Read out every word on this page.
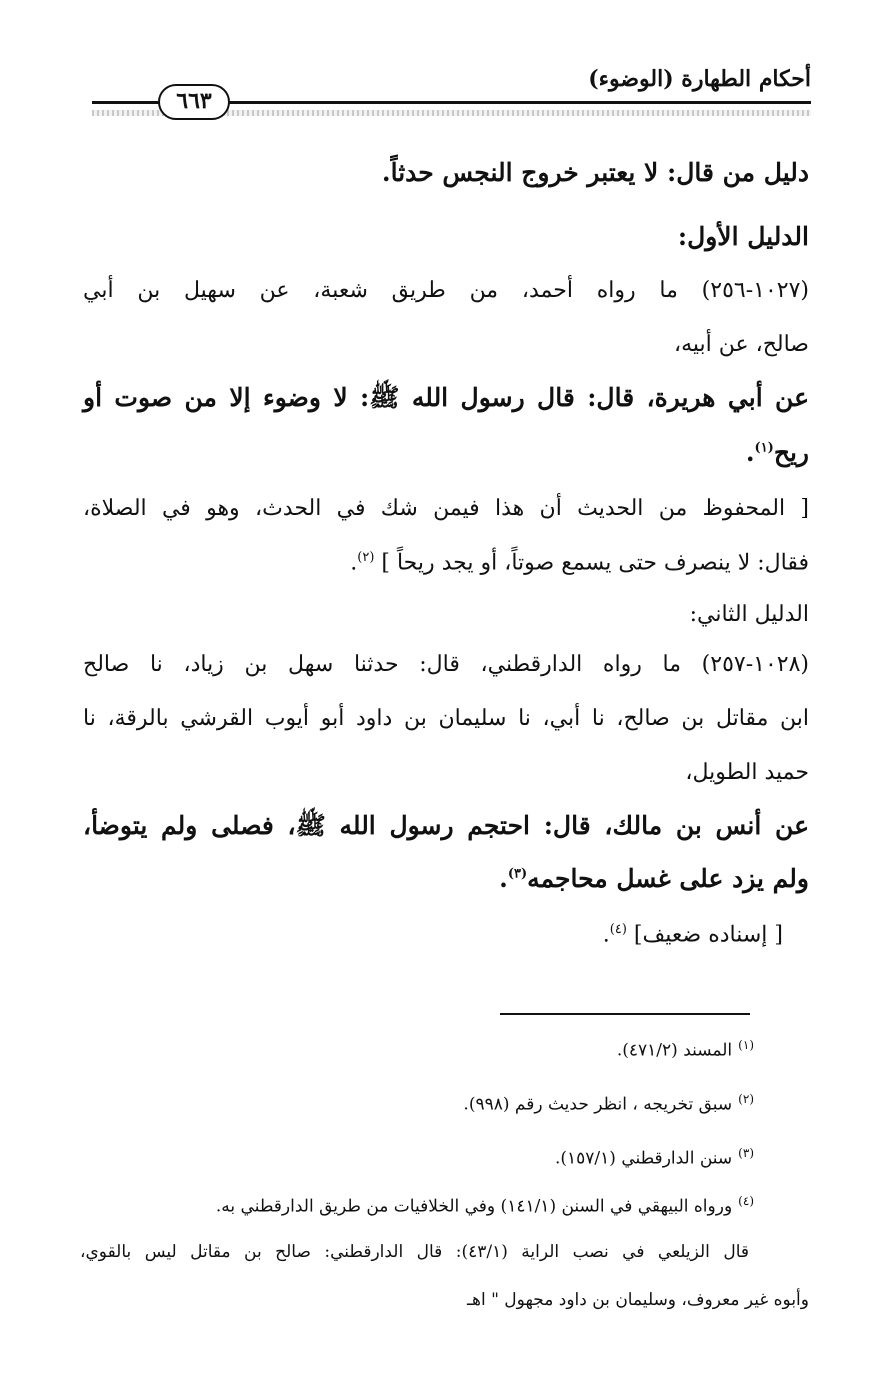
أحكام الطهارة (الوضوء)
٦٦٣
دليل من قال: لا يعتبر خروج النجس حدثاً.
الدليل الأول:
(١٠٢٧-٢٥٦) ما رواه أحمد، من طريق شعبة، عن سهيل بن أبي
صالح، عن أبيه،
عن أبي هريرة، قال: قال رسول الله ﷺ: لا وضوء إلا من صوت أو
ريح$^{(١)}$.
[ المحفوظ من الحديث أن هذا فيمن شك في الحدث، وهو في الصلاة،
فقال: لا ينصرف حتى يسمع صوتاً، أو يجد ريحاً ] $^{(٢)}$.
الدليل الثاني:
(١٠٢٨-٢٥٧) ما رواه الدارقطني، قال: حدثنا سهل بن زياد، نا صالح
ابن مقاتل بن صالح، نا أبي، نا سليمان بن داود أبو أيوب القرشي بالرقة، نا
حميد الطويل،
عن أنس بن مالك، قال: احتجم رسول الله ﷺ، فصلى ولم يتوضأ،
ولم يزد على غسل محاجمه$^{(٣)}$.
[ إسناده ضعيف] $^{(٤)}$.
$^{(١)}$المسند (٤٧١/٢).
$^{(٢)}$سبق تخريجه ، انظر حديث رقم (٩٩٨).
$^{(٣)}$سنن الدارقطني (١٥٧/١).
$^{(٤)}$ورواه البيهقي في السنن (١٤١/١) وفي الخلافيات من طريق الدارقطني به.
قال الزيلعي في نصب الراية (٤٣/١): قال الدارقطني: صالح بن مقاتل ليس بالقوي،
وأبوه غير معروف، وسليمان بن داود مجهول " اهـ
